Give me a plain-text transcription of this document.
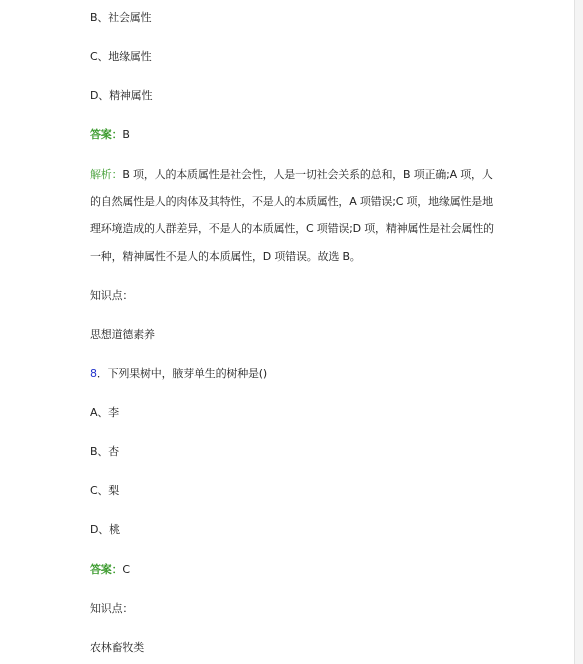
B、社会属性
C、地缘属性
D、精神属性
答案：B
解析：B 项，人的本质属性是社会性，人是一切社会关系的总和，B 项正确;A 项，人
的自然属性是人的肉体及其特性，不是人的本质属性，A 项错误;C 项，地缘属性是地
理环境造成的人群差异，不是人的本质属性，C 项错误;D 项，精神属性是社会属性的
一种，精神属性不是人的本质属性，D 项错误。故选 B。
知识点：
思想道德素养
8．下列果树中，腋芽单生的树种是()
A、李
B、杏
C、梨
D、桃
答案：C
知识点：
农林畜牧类
